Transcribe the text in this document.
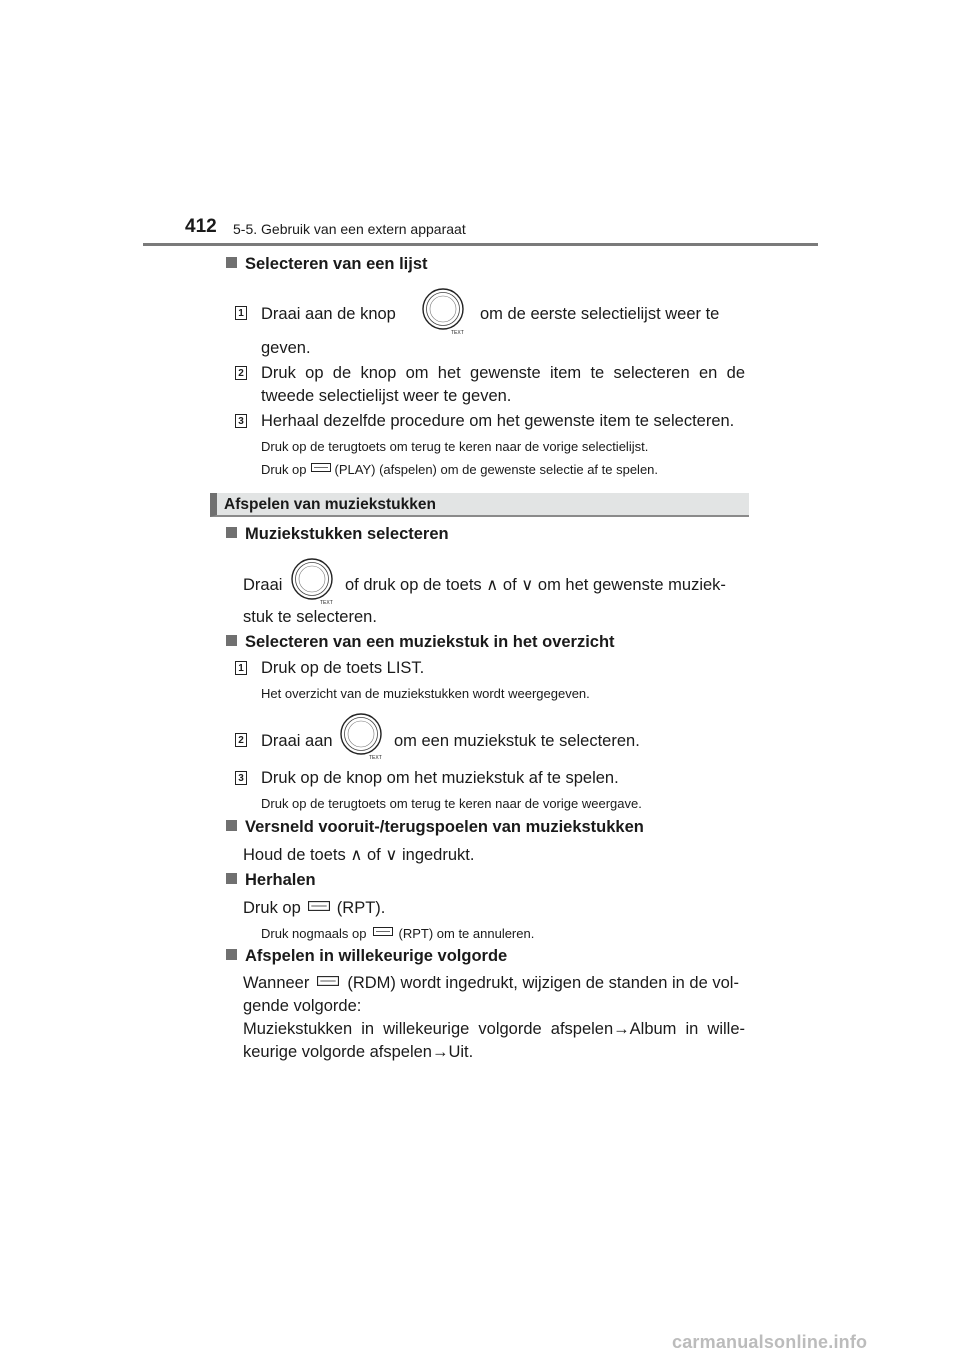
412 5-5. Gebruik van een extern apparaat
Selecteren van een lijst
1 Draai aan de knop
TEXT
om de eerste selectielijst weer te
geven.
2 Druk op de knop om het gewenste item te selecteren en de
tweede selectielijst weer te geven.
3 Herhaal dezelfde procedure om het gewenste item te selecteren.
Druk op de terugtoets om terug te keren naar de vorige selectielijst.
Druk op (PLAY) (afspelen) om de gewenste selectie af te spelen.
Afspelen van muziekstukken
Muziekstukken selecteren
Draai
TEXT
of druk op de toets ∧ of ∨ om het gewenste muziek-
stuk te selecteren.
Selecteren van een muziekstuk in het overzicht
1 Druk op de toets LIST.
Het overzicht van de muziekstukken wordt weergegeven.
2 Draai aan
TEXT
om een muziekstuk te selecteren.
3 Druk op de knop om het muziekstuk af te spelen.
Druk op de terugtoets om terug te keren naar de vorige weergave.
Versneld vooruit-/terugspoelen van muziekstukken
Houd de toets ∧ of ∨ ingedrukt.
Herhalen
Druk op (RPT).
Druk nogmaals op (RPT) om te annuleren.
Afspelen in willekeurige volgorde
Wanneer (RDM) wordt ingedrukt, wijzigen de standen in de vol-
gende volgorde:
Muziekstukken in willekeurige volgorde afspelen→Album in wille-
keurige volgorde afspelen→Uit.
carmanualsonline.info
